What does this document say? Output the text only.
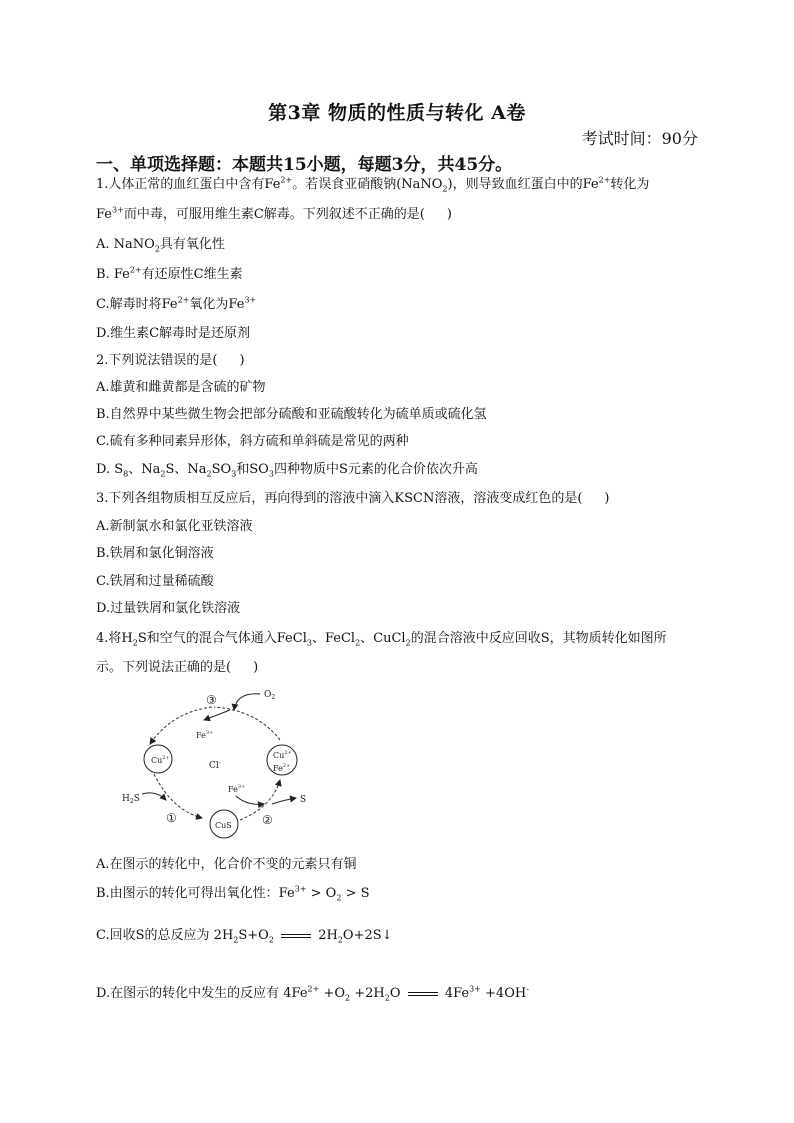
第3章 物质的性质与转化 A卷
考试时间：90分
一、单项选择题：本题共15小题，每题3分，共45分。
1.人体正常的血红蛋白中含有$Fe^{2+}$。若误食亚硝酸钠(NaNO$_2$)，则导致血红蛋白中的$Fe^{2+}$转化为
$Fe^{3+}$而中毒，可服用维生素C解毒。下列叙述不正确的是( )
A. NaNO$_2$具有氧化性
B. $Fe^{2+}$有还原性C维生素
C.解毒时将$Fe^{2+}$氧化为$Fe^{3+}$
D.维生素C解毒时是还原剂
2.下列说法错误的是( )
A.雄黄和雌黄都是含硫的矿物
B.自然界中某些微生物会把部分硫酸和亚硫酸转化为硫单质或硫化氢
C.硫有多种同素异形体，斜方硫和单斜硫是常见的两种
D. $S_8$、$Na_2S$、$Na_2SO_3$和$SO_3$四种物质中S元素的化合价依次升高
3.下列各组物质相互反应后，再向得到的溶液中滴入KSCN溶液，溶液变成红色的是( )
A.新制氯水和氯化亚铁溶液
B.铁屑和氯化铜溶液
C.铁屑和过量稀硫酸
D.过量铁屑和氯化铁溶液
4.将$H_2S$和空气的混合气体通入FeCl$_3$、FeCl$_2$、CuCl$_2$的混合溶液中反应回收S，其物质转化如图所
示。下列说法正确的是( )
$O_2$
③
$Fe^{3+}$
$Cu^{2+}$
Cl-
$Cu^{2+}$
$Fe^{2+}$
$Fe^{3+}$
S
$H_2S$
①	②
CuS
A.在图示的转化中，化合价不变的元素只有铜
B.由图示的转化可得出氧化性：$Fe^{3+} > O_2 > S$
C.回收S的总反应为 $2H_2S+O_2$	$2H_2O+2S↓$
D.在图示的转化中发生的反应有 $4Fe^{2+} +O_2 +2H_2O$	$4Fe^{3+} +4OH^-$
